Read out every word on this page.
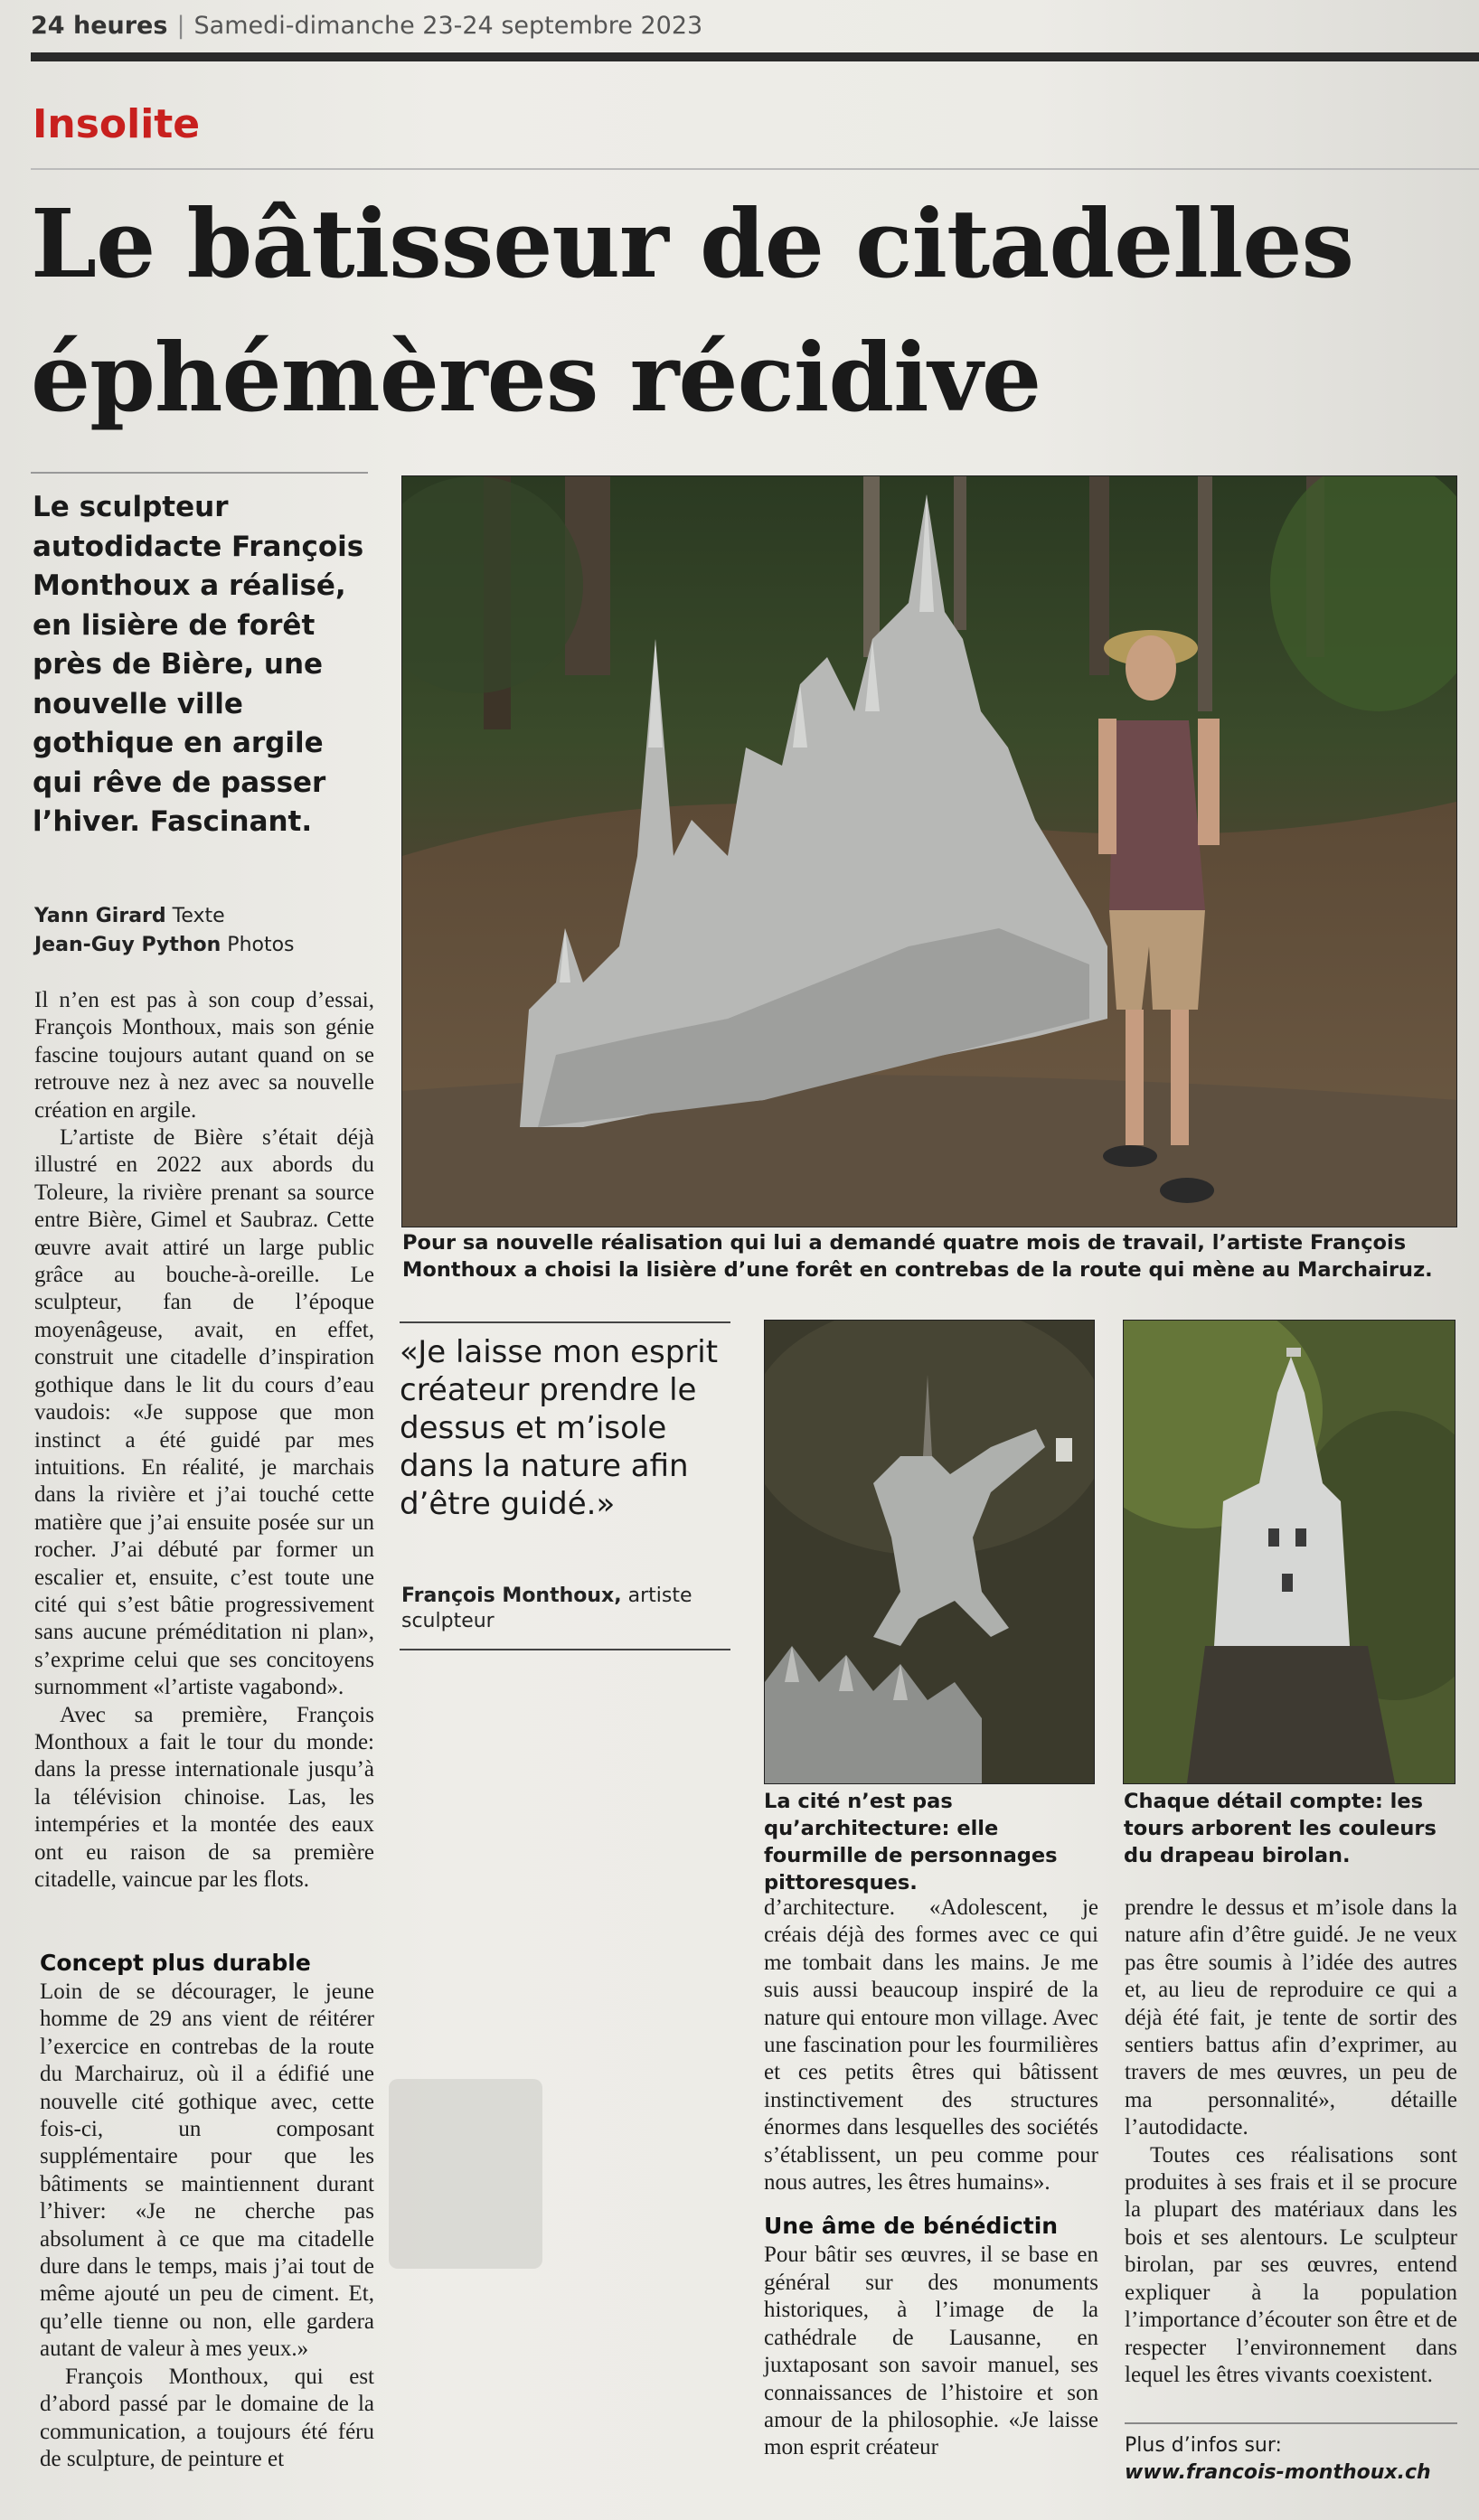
24 heures | Samedi-dimanche 23-24 septembre 2023
Insolite
Le bâtisseur de citadelles éphémères récidive

Le sculpteur autodidacte François Monthoux a réalisé, en lisière de forêt près de Bière, une nouvelle ville gothique en argile qui rêve de passer l’hiver. Fascinant.

Yann Girard Texte
Jean-Guy Python Photos

Il n’en est pas à son coup d’essai, François Monthoux, mais son génie fascine toujours autant quand on se retrouve nez à nez avec sa nouvelle création en argile.

L’artiste de Bière s’était déjà illustré en 2022 aux abords du Toleure, la rivière prenant sa source entre Bière, Gimel et Saubraz. Cette œuvre avait attiré un large public grâce au bouche-à-oreille. Le sculpteur, fan de l’époque moyenâgeuse, avait, en effet, construit une citadelle d’inspiration gothique dans le lit du cours d’eau vaudois: «Je suppose que mon instinct a été guidé par mes intuitions. En réalité, je marchais dans la rivière et j’ai touché cette matière que j’ai ensuite posée sur un rocher. J’ai débuté par former un escalier et, ensuite, c’est toute une cité qui s’est bâtie progressivement sans aucune préméditation ni plan», s’exprime celui que ses concitoyens surnomment «l’artiste vagabond».

Avec sa première, François Monthoux a fait le tour du monde: dans la presse internationale jusqu’à la télévision chinoise. Las, les intempéries et la montée des eaux ont eu raison de sa première citadelle, vaincue par les flots.

Concept plus durable

Loin de se décourager, le jeune homme de 29 ans vient de réitérer l’exercice en contrebas de la route du Marchairuz, où il a édifié une nouvelle cité gothique avec, cette fois-ci, un composant supplémentaire pour que les bâtiments se maintiennent durant l’hiver: «Je ne cherche pas absolument à ce que ma citadelle dure dans le temps, mais j’ai tout de même ajouté un peu de ciment. Et, qu’elle tienne ou non, elle gardera autant de valeur à mes yeux.»

François Monthoux, qui est d’abord passé par le domaine de la communication, a toujours été féru de sculpture, de peinture et

Pour sa nouvelle réalisation qui lui a demandé quatre mois de travail, l’artiste François Monthoux a choisi la lisière d’une forêt en contrebas de la route qui mène au Marchairuz.

«Je laisse mon esprit créateur prendre le dessus et m’isole dans la nature afin d’être guidé.»

François Monthoux, artiste sculpteur

La cité n’est pas qu’architecture: elle fourmille de personnages pittoresques.

Chaque détail compte: les tours arborent les couleurs du drapeau birolan.

d’architecture. «Adolescent, je créais déjà des formes avec ce qui me tombait dans les mains. Je me suis aussi beaucoup inspiré de la nature qui entoure mon village. Avec une fascination pour les fourmilières et ces petits êtres qui bâtissent instinctivement des structures énormes dans lesquelles des sociétés s’établissent, un peu comme pour nous autres, les êtres humains».

Une âme de bénédictin

Pour bâtir ses œuvres, il se base en général sur des monuments historiques, à l’image de la cathédrale de Lausanne, en juxtaposant son savoir manuel, ses connaissances de l’histoire et son amour de la philosophie. «Je laisse mon esprit créateur

prendre le dessus et m’isole dans la nature afin d’être guidé. Je ne veux pas être soumis à l’idée des autres et, au lieu de reproduire ce qui a déjà été fait, je tente de sortir des sentiers battus afin d’exprimer, au travers de mes œuvres, un peu de ma personnalité», détaille l’autodidacte.

Toutes ces réalisations sont produites à ses frais et il se procure la plupart des matériaux dans les bois et ses alentours. Le sculpteur birolan, par ses œuvres, entend expliquer à la population l’importance d’écouter son être et de respecter l’environnement dans lequel les êtres vivants coexistent.

Plus d’infos sur:
www.francois-monthoux.ch
